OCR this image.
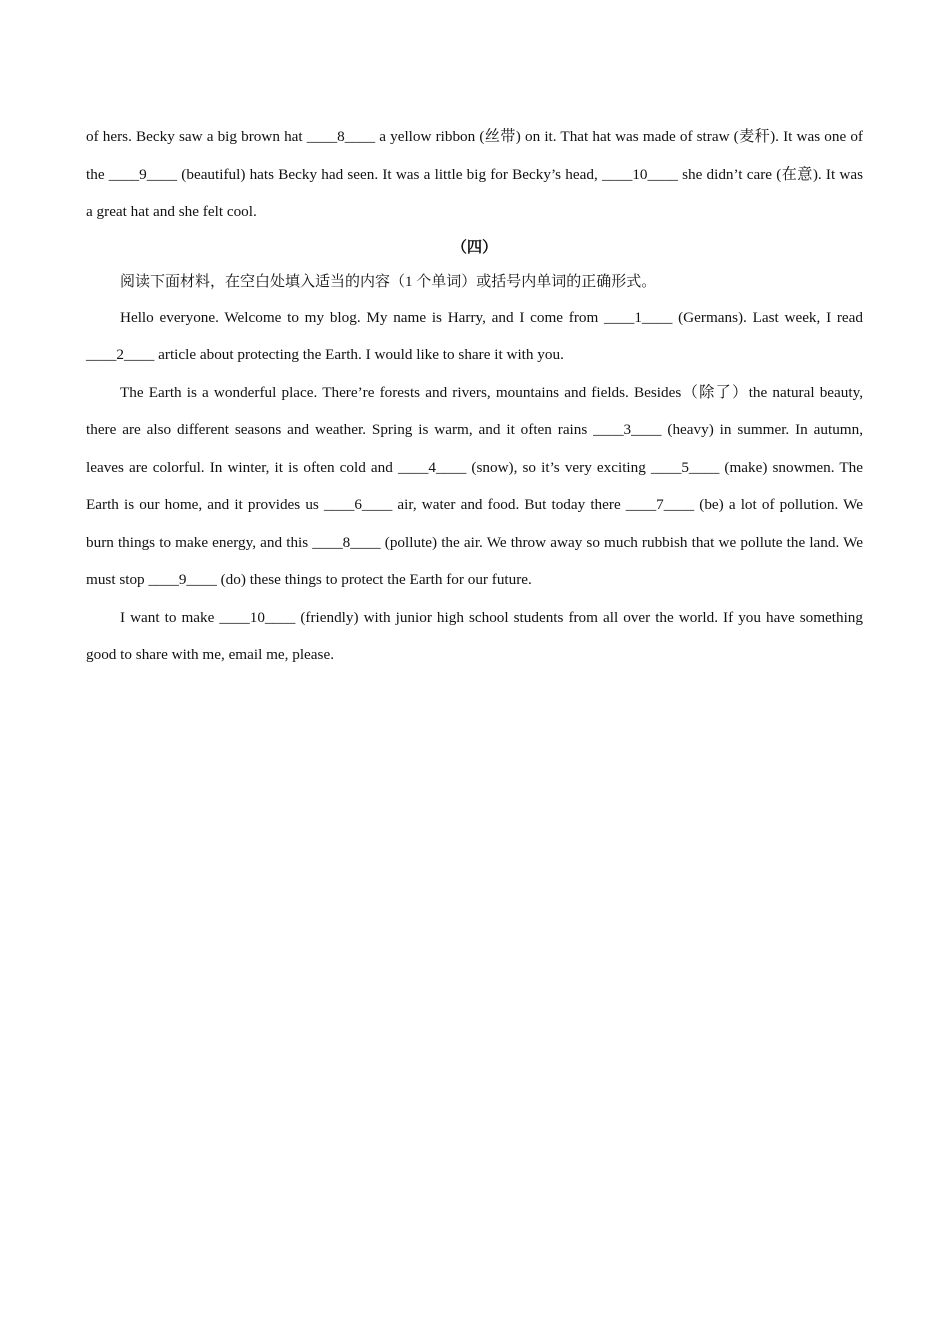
of hers. Becky saw a big brown hat ____8____ a yellow ribbon (丝带) on it. That hat was made of straw (麦秆). It was one of the ____9____ (beautiful) hats Becky had seen. It was a little big for Becky’s head, ____10____ she didn’t care (在意). It was a great hat and she felt cool.

（四）

阅读下面材料，在空白处填入适当的内容（1 个单词）或括号内单词的正确形式。

Hello everyone. Welcome to my blog. My name is Harry, and I come from ____1____ (Germans). Last week, I read ____2____ article about protecting the Earth. I would like to share it with you.

The Earth is a wonderful place. There’re forests and rivers, mountains and fields. Besides（除了）the natural beauty, there are also different seasons and weather. Spring is warm, and it often rains ____3____ (heavy) in summer. In autumn, leaves are colorful. In winter, it is often cold and ____4____ (snow), so it’s very exciting ____5____ (make) snowmen. The Earth is our home, and it provides us ____6____ air, water and food. But today there ____7____ (be) a lot of pollution. We burn things to make energy, and this ____8____ (pollute) the air. We throw away so much rubbish that we pollute the land. We must stop ____9____ (do) these things to protect the Earth for our future.

I want to make ____10____ (friendly) with junior high school students from all over the world. If you have something good to share with me, email me, please.
